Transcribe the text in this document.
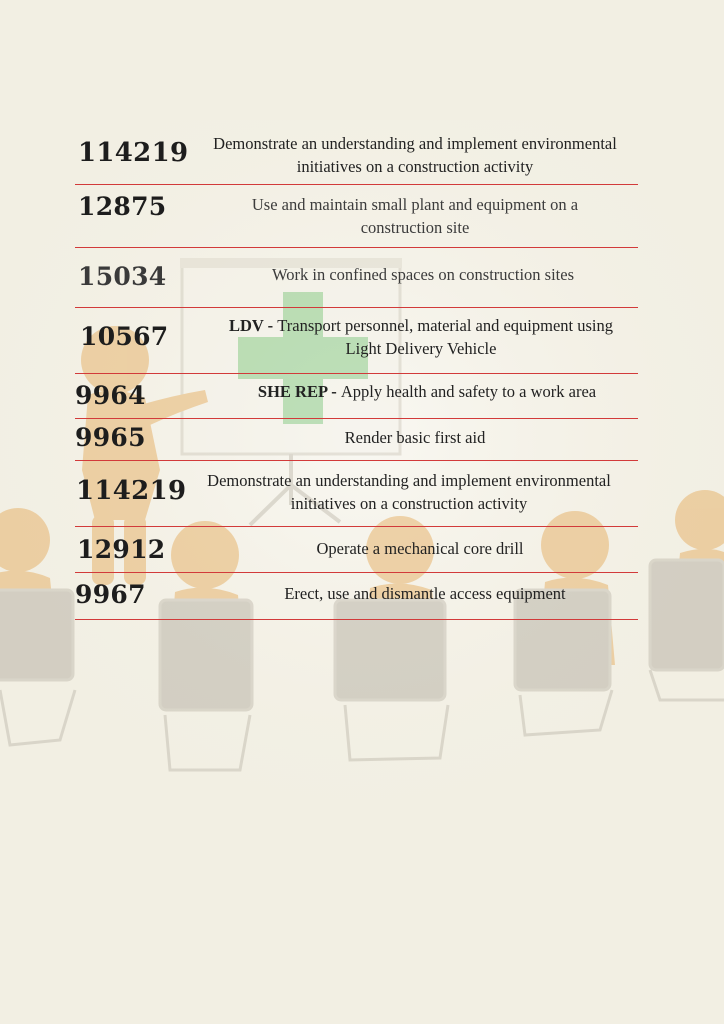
114219	Demonstrate an understanding and implement environmental initiatives on a construction activity
12875	Use and maintain small plant and equipment on a construction site
15034	Work in confined spaces on construction sites
10567	LDV - Transport personnel, material and equipment using Light Delivery Vehicle
9964	SHE REP - Apply health and safety to a work area
9965	Render basic first aid
114219	Demonstrate an understanding and implement environmental initiatives on a construction activity
12912	Operate a mechanical core drill
9967	Erect, use and dismantle access equipment
